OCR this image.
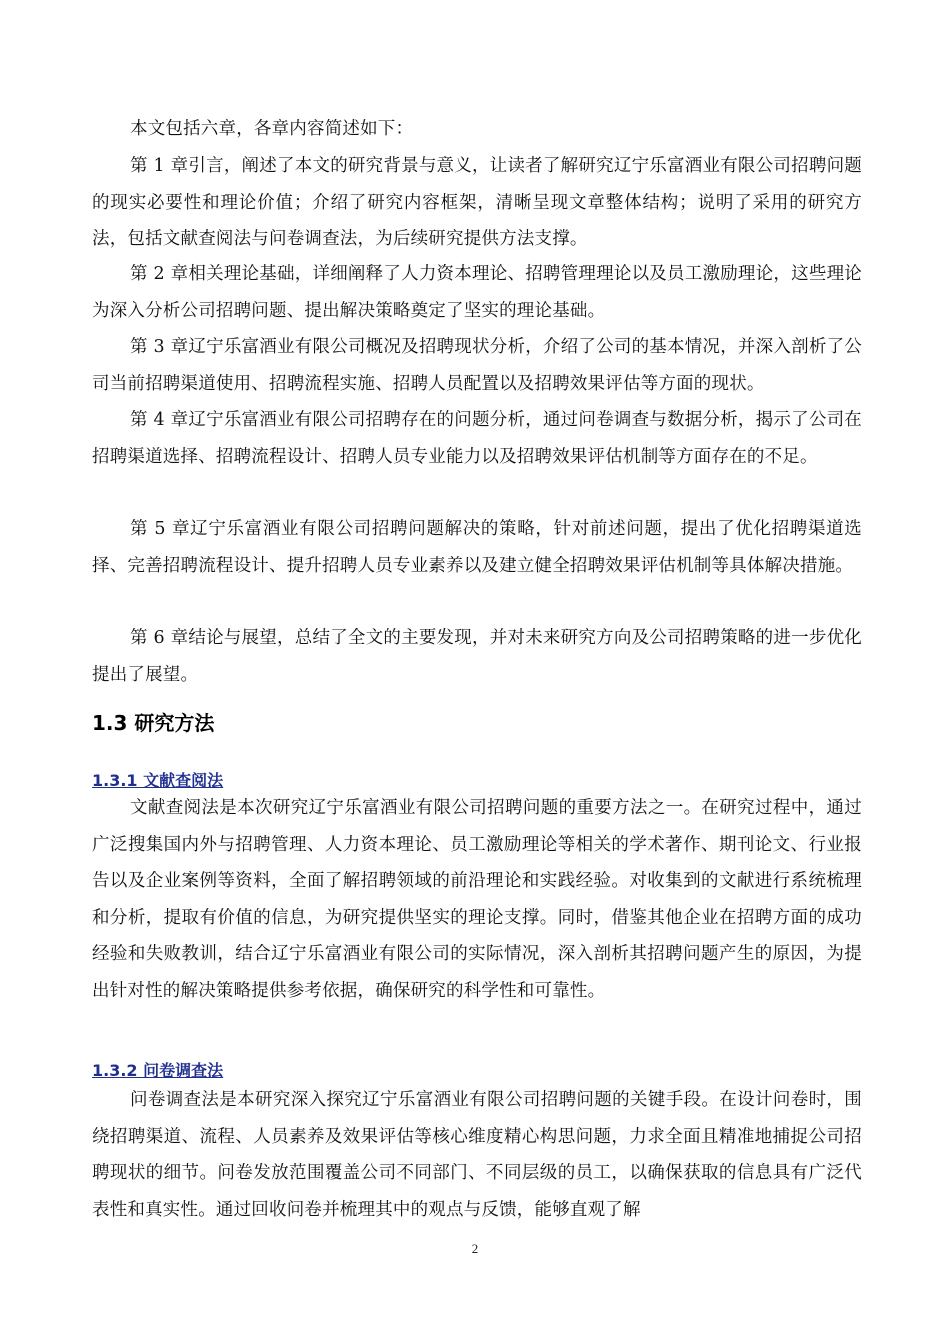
本文包括六章，各章内容简述如下：

第 1 章引言，阐述了本文的研究背景与意义，让读者了解研究辽宁乐富酒业有限公司招聘问题的现实必要性和理论价值；介绍了研究内容框架，清晰呈现文章整体结构；说明了采用的研究方法，包括文献查阅法与问卷调查法，为后续研究提供方法支撑。

第 2 章相关理论基础，详细阐释了人力资本理论、招聘管理理论以及员工激励理论，这些理论为深入分析公司招聘问题、提出解决策略奠定了坚实的理论基础。

第 3 章辽宁乐富酒业有限公司概况及招聘现状分析，介绍了公司的基本情况，并深入剖析了公司当前招聘渠道使用、招聘流程实施、招聘人员配置以及招聘效果评估等方面的现状。

第 4 章辽宁乐富酒业有限公司招聘存在的问题分析，通过问卷调查与数据分析，揭示了公司在招聘渠道选择、招聘流程设计、招聘人员专业能力以及招聘效果评估机制等方面存在的不足。

第 5 章辽宁乐富酒业有限公司招聘问题解决的策略，针对前述问题，提出了优化招聘渠道选择、完善招聘流程设计、提升招聘人员专业素养以及建立健全招聘效果评估机制等具体解决措施。

第 6 章结论与展望，总结了全文的主要发现，并对未来研究方向及公司招聘策略的进一步优化提出了展望。

1.3 研究方法
1.3.1 文献查阅法

文献查阅法是本次研究辽宁乐富酒业有限公司招聘问题的重要方法之一。在研究过程中，通过广泛搜集国内外与招聘管理、人力资本理论、员工激励理论等相关的学术著作、期刊论文、行业报告以及企业案例等资料，全面了解招聘领域的前沿理论和实践经验。对收集到的文献进行系统梳理和分析，提取有价值的信息，为研究提供坚实的理论支撑。同时，借鉴其他企业在招聘方面的成功经验和失败教训，结合辽宁乐富酒业有限公司的实际情况，深入剖析其招聘问题产生的原因，为提出针对性的解决策略提供参考依据，确保研究的科学性和可靠性。

1.3.2 问卷调查法

问卷调查法是本研究深入探究辽宁乐富酒业有限公司招聘问题的关键手段。在设计问卷时，围绕招聘渠道、流程、人员素养及效果评估等核心维度精心构思问题，力求全面且精准地捕捉公司招聘现状的细节。问卷发放范围覆盖公司不同部门、不同层级的员工，以确保获取的信息具有广泛代表性和真实性。通过回收问卷并梳理其中的观点与反馈，能够直观了解

2
